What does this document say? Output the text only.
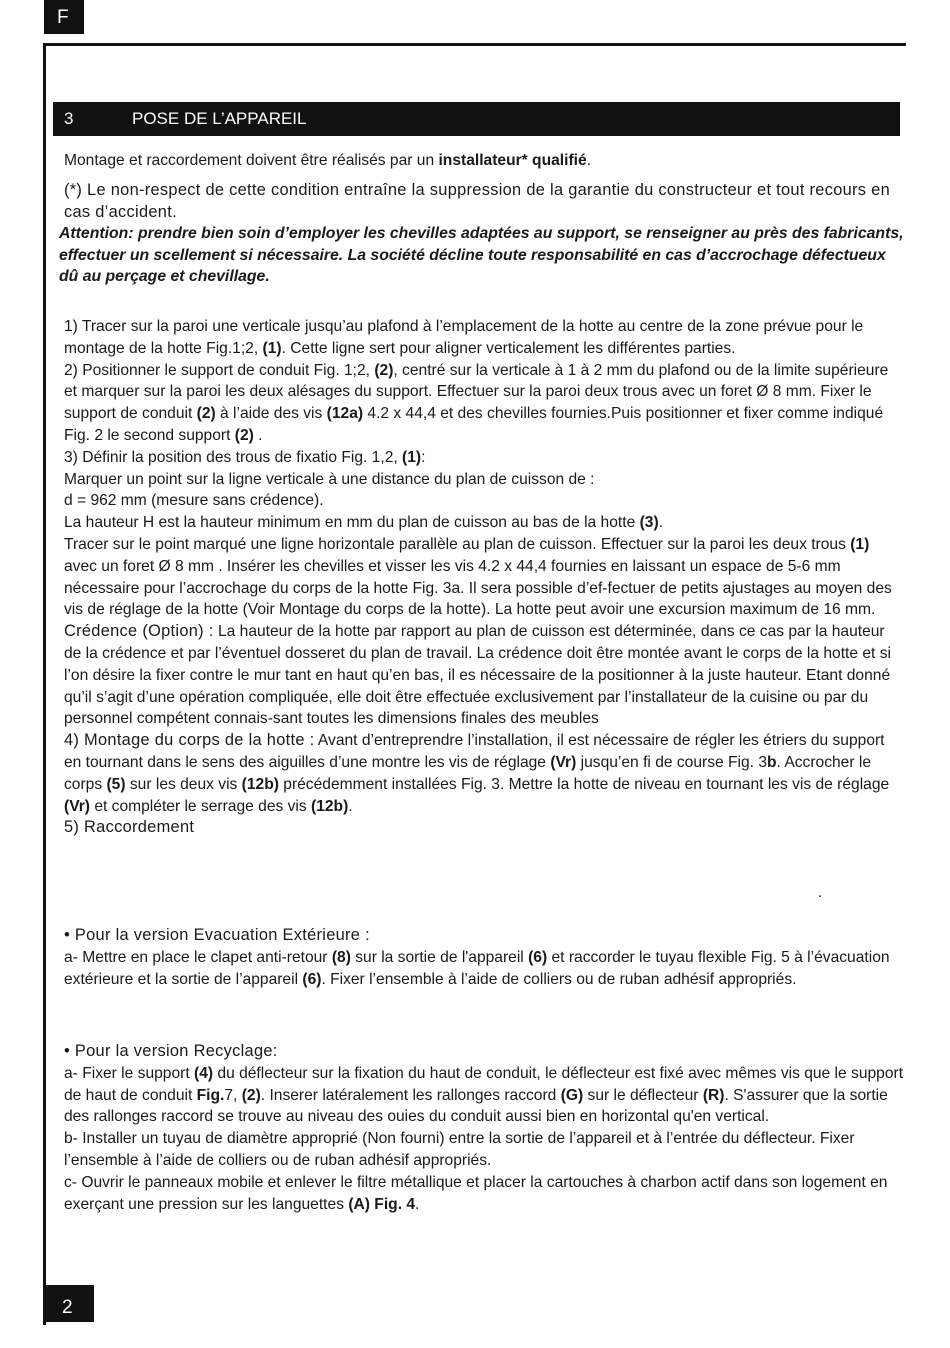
F
3	POSE DE L’APPAREIL

Montage et raccordement doivent être réalisés par un installateur* qualifié.

(*) Le non-respect de cette condition entraîne la suppression de la garantie du constructeur et tout recours en cas d’accident.

Attention: prendre bien soin d’employer les chevilles adaptées au support, se renseigner au près des fabricants, effectuer un scellement si nécessaire. La société décline toute responsabilité en cas d’accrochage défectueux dû au perçage et chevillage.

1) Tracer sur la paroi une verticale jusqu’au plafond à l’emplacement de la hotte au centre de la zone prévue pour le montage de la hotte Fig.1;2, (1). Cette ligne sert pour aligner verticalement les différentes parties.
2) Positionner le support de conduit Fig. 1;2, (2), centré sur la verticale à 1 à 2 mm du plafond ou de la limite supérieure et marquer sur la paroi les deux alésages du support. Effectuer sur la paroi deux trous avec un foret Ø 8 mm. Fixer le support de conduit (2) à l’aide des vis (12a) 4.2 x 44,4 et des chevilles fournies.Puis positionner et fixer comme indiqué Fig. 2 le second support (2) .
3) Définir la position des trous de fixatio Fig. 1,2, (1):
Marquer un point sur la ligne verticale à une distance du plan de cuisson de :
d = 962 mm (mesure sans crédence).
La hauteur H est la hauteur minimum en mm du plan de cuisson au bas de la hotte (3).
Tracer sur le point marqué une ligne horizontale parallèle au plan de cuisson. Effectuer sur la paroi les deux trous (1) avec un foret Ø 8 mm . Insérer les chevilles et visser les vis 4.2 x 44,4 fournies en laissant un espace de 5-6 mm nécessaire pour l’accrochage du corps de la hotte Fig. 3a. Il sera possible d’ef-fectuer de petits ajustages au moyen des vis de réglage de la hotte (Voir Montage du corps de la hotte). La hotte peut avoir une excursion maximum de 16 mm.
Crédence (Option) : La hauteur de la hotte par rapport au plan de cuisson est déterminée, dans ce cas par la hauteur de la crédence et par l’éventuel dosseret du plan de travail. La crédence doit être montée avant le corps de la hotte et si l’on désire la fixer contre le mur tant en haut qu’en bas, il es nécessaire de la positionner à la juste hauteur. Etant donné qu’il s’agit d’une opération compliquée, elle doit être effectuée exclusivement par l’installateur de la cuisine ou par du personnel compétent connais-sant toutes les dimensions finales des meubles
4) Montage du corps de la hotte : Avant d’entreprendre l’installation, il est nécessaire de régler les étriers du support en tournant dans le sens des aiguilles d’une montre les vis de réglage (Vr) jusqu’en fi de course Fig. 3b. Accrocher le corps (5) sur les deux vis (12b) précédemment installées Fig. 3. Mettre la hotte de niveau en tournant les vis de réglage (Vr) et compléter le serrage des vis (12b).
5) Raccordement

.

• Pour la version Evacuation Extérieure :
a- Mettre en place le clapet anti-retour (8) sur la sortie de l'appareil (6) et raccorder le tuyau flexible Fig. 5 à l’évacuation extérieure et la sortie de l’appareil (6). Fixer l’ensemble à l’aide de colliers ou de ruban adhésif appropriés.

• Pour la version Recyclage:
a- Fixer le support (4) du déflecteur sur la fixation du haut de conduit, le déflecteur est fixé avec mêmes vis que le support de haut de conduit Fig.7, (2). Inserer latéralement les rallonges raccord (G) sur le déflecteur (R). S'assurer que la sortie des rallonges raccord se trouve au niveau des ouies du conduit aussi bien en horizontal qu'en vertical.
b- Installer un tuyau de diamètre approprié (Non fourni) entre la sortie de l’appareil et à l’entrée du déflecteur. Fixer l’ensemble à l’aide de colliers ou de ruban adhésif appropriés.
c- Ouvrir le panneaux mobile et enlever le filtre métallique et placer la cartouches à charbon actif dans son logement en exerçant une pression sur les languettes (A) Fig. 4.

2
